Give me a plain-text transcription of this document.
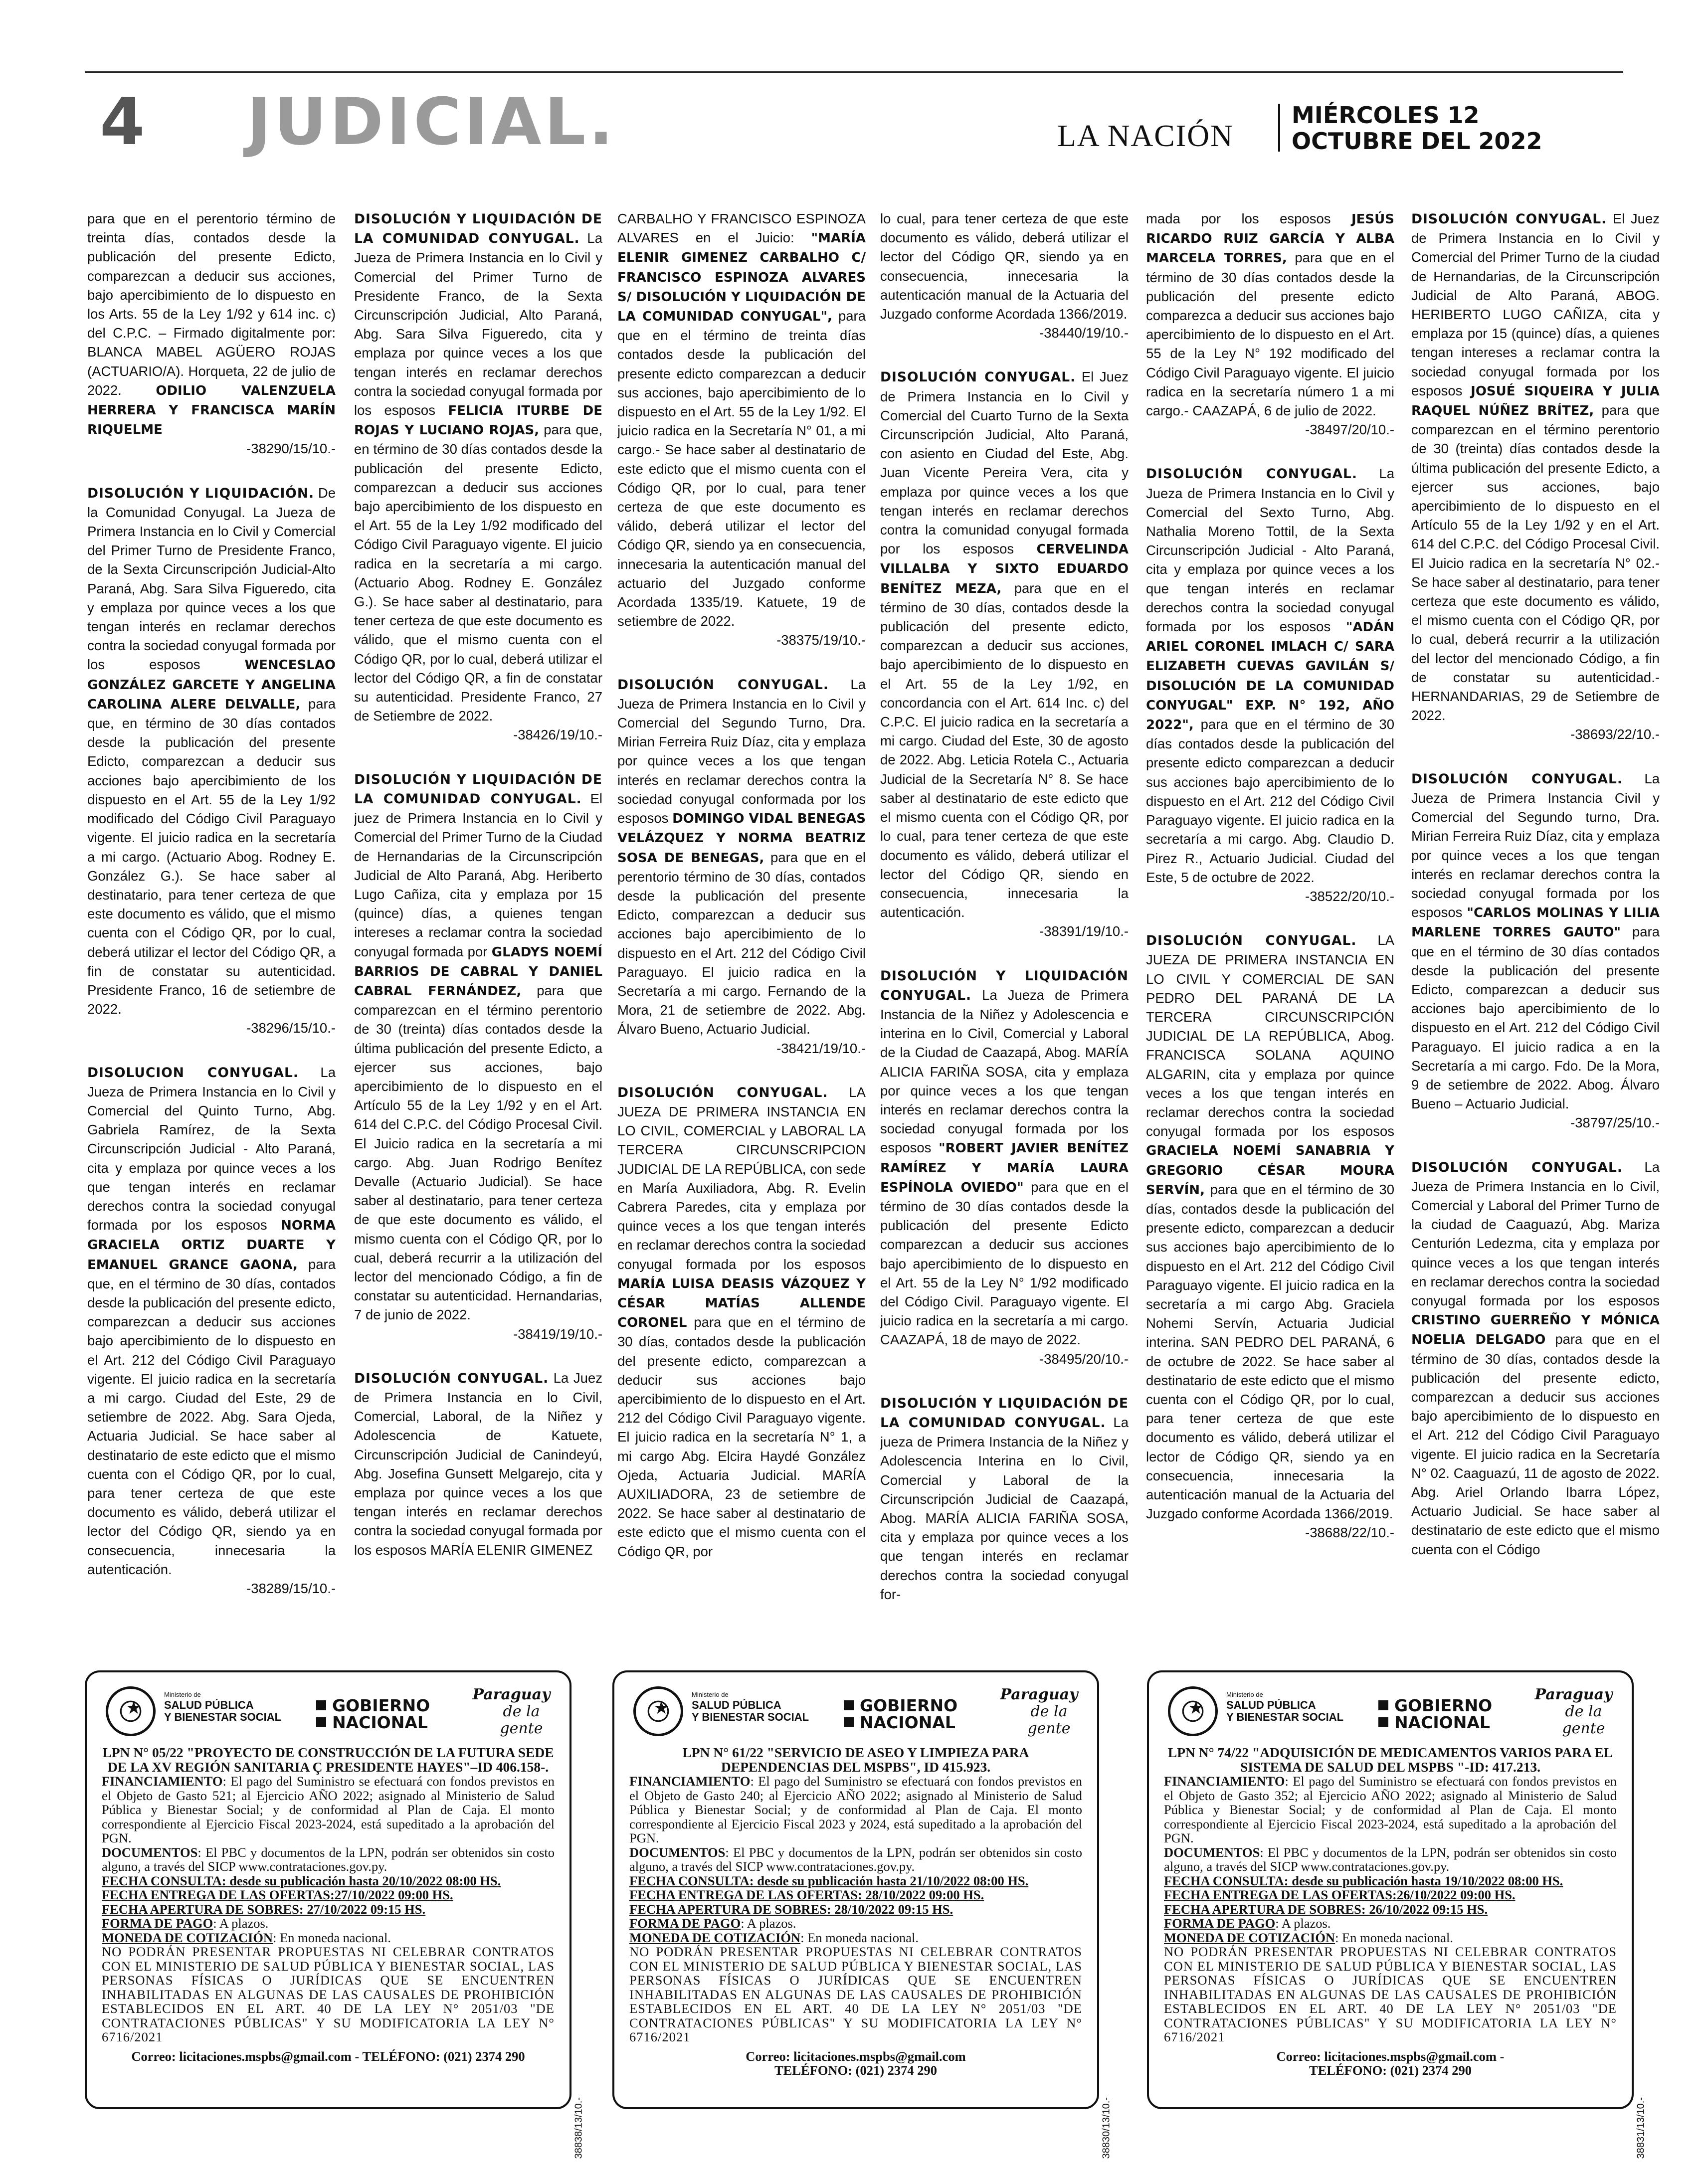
4 JUDICIAL.	LA NACIÓN
MIÉRCOLES 12
OCTUBRE DEL 2022
para que en el perentorio término de treinta días, contados desde la publicación del presente Edicto, comparezcan a deducir sus acciones, bajo apercibimiento de lo dispuesto en los Arts. 55 de la Ley 1/92 y 614 inc. c) del C.P.C. – Firmado digitalmente por: BLANCA MABEL AGÜERO ROJAS (ACTUARIO/A). Horqueta, 22 de julio de 2022.	ODILIO VALENZUELA HERRERA Y FRANCISCA MARÍN RIQUELME
-38290/15/10.-
DISOLUCIÓN Y LIQUIDACIÓN. De la Comunidad Conyugal. La Jueza de Primera Instancia en lo Civil y Comercial del Primer Turno de Presidente Franco, de la Sexta Circunscripción Judicial-Alto Paraná, Abg. Sara Silva Figueredo, cita y emplaza por quince veces a los que tengan interés en reclamar derechos contra la sociedad conyugal formada por los esposos	WENCESLAO GONZÁLEZ GARCETE Y ANGELINA CAROLINA ALERE DELVALLE, para que, en término de 30 días contados desde la publicación del presente Edicto, comparezcan a deducir sus acciones bajo apercibimiento de los dispuesto en el Art. 55 de la Ley 1/92 modificado del Código Civil Paraguayo vigente. El juicio radica en la secretaría a mi cargo. (Actuario Abog. Rodney E. González G.). Se hace saber al destinatario, para tener certeza de que este documento es válido, que el mismo cuenta con el Código QR, por lo cual, deberá utilizar el lector del Código QR, a fin de constatar su autenticidad. Presidente Franco, 16 de setiembre de 2022.
-38296/15/10.-
DISOLUCION CONYUGAL. La Jueza de Primera Instancia en lo Civil y Comercial del Quinto Turno, Abg. Gabriela Ramírez, de la Sexta Circunscripción Judicial - Alto Paraná, cita y emplaza por quince veces a los que tengan interés en reclamar derechos contra la sociedad conyugal formada por los esposos NORMA GRACIELA ORTIZ DUARTE Y EMANUEL GRANCE GAONA, para que, en el término de 30 días, contados desde la publicación del presente edicto, comparezcan a deducir sus acciones bajo apercibimiento de lo dispuesto en el Art. 212 del Código Civil Paraguayo vigente. El juicio radica en la secretaría a mi cargo. Ciudad del Este, 29 de setiembre de 2022. Abg. Sara Ojeda, Actuaria Judicial. Se hace saber al destinatario de este edicto que el mismo cuenta con el Código QR, por lo cual, para tener certeza de que este documento es válido, deberá utilizar el lector del Código QR, siendo ya en consecuencia, innecesaria la autenticación.
-38289/15/10.-
DISOLUCIÓN Y LIQUIDACIÓN DE LA COMUNIDAD CONYUGAL. La Jueza de Primera Instancia en lo Civil y Comercial del Primer Turno de Presidente Franco, de la Sexta Circunscripción Judicial, Alto Paraná, Abg. Sara Silva Figueredo, cita y emplaza por quince veces a los que tengan interés en reclamar derechos contra la sociedad conyugal formada por los esposos FELICIA ITURBE DE ROJAS Y LUCIANO ROJAS, para que, en término de 30 días contados desde la publicación del presente Edicto, comparezcan a deducir sus acciones bajo apercibimiento de los dispuesto en el Art. 55 de la Ley 1/92 modificado del Código Civil Paraguayo vigente. El juicio radica en la secretaría a mi cargo. (Actuario Abog. Rodney E. González G.). Se hace saber al destinatario, para tener certeza de que este documento es válido, que el mismo cuenta con el Código QR, por lo cual, deberá utilizar el lector del Código QR, a fin de constatar su autenticidad. Presidente Franco, 27 de Setiembre de 2022.
-38426/19/10.-
DISOLUCIÓN Y LIQUIDACIÓN DE LA COMUNIDAD CONYUGAL. El juez de Primera Instancia en lo Civil y Comercial del Primer Turno de la Ciudad de Hernandarias de la Circunscripción Judicial de Alto Paraná, Abg. Heriberto Lugo Cañiza, cita y emplaza por 15 (quince) días, a quienes tengan intereses a reclamar contra la sociedad conyugal formada por GLADYS NOEMÍ BARRIOS DE CABRAL Y DANIEL CABRAL FERNÁNDEZ, para que comparezcan en el término perentorio de 30 (treinta) días contados desde la última publicación del presente Edicto, a ejercer sus acciones, bajo apercibimiento de lo dispuesto en el Artículo 55 de la Ley 1/92 y en el Art. 614 del C.P.C. del Código Procesal Civil. El Juicio radica en la secretaría a mi cargo. Abg. Juan Rodrigo Benítez Devalle (Actuario Judicial). Se hace saber al destinatario, para tener certeza de que este documento es válido, el mismo cuenta con el Código QR, por lo cual, deberá recurrir a la utilización del lector del mencionado Código, a fin de constatar su autenticidad. Hernandarias, 7 de junio de 2022.
-38419/19/10.-
DISOLUCIÓN CONYUGAL. La Juez de Primera Instancia en lo Civil, Comercial, Laboral, de la Niñez y Adolescencia de Katuete, Circunscripción Judicial de Canindeyú, Abg. Josefina Gunsett Melgarejo, cita y emplaza por quince veces a los que tengan interés en reclamar derechos contra la sociedad conyugal formada por los esposos MARÍA ELENIR GIMENEZ
CARBALHO Y FRANCISCO ESPINOZA ALVARES en el Juicio: "MARÍA ELENIR GIMENEZ CARBALHO C/ FRANCISCO ESPINOZA ALVARES S/ DISOLUCIÓN Y LIQUIDACIÓN DE LA COMUNIDAD CONYUGAL", para que en el término de treinta días contados desde la publicación del presente edicto comparezcan a deducir sus acciones, bajo apercibimiento de lo dispuesto en el Art. 55 de la Ley 1/92. El juicio radica en la Secretaría N° 01, a mi cargo.- Se hace saber al destinatario de este edicto que el mismo cuenta con el Código QR, por lo cual, para tener certeza de que este documento es válido, deberá utilizar el lector del Código QR, siendo ya en consecuencia, innecesaria la autenticación manual del actuario del Juzgado conforme Acordada 1335/19. Katuete, 19 de setiembre de 2022.
-38375/19/10.-
DISOLUCIÓN CONYUGAL. La Jueza de Primera Instancia en lo Civil y Comercial del Segundo Turno, Dra. Mirian Ferreira Ruiz Díaz, cita y emplaza por quince veces a los que tengan interés en reclamar derechos contra la sociedad conyugal conformada por los esposos DOMINGO VIDAL BENEGAS VELÁZQUEZ Y NORMA BEATRIZ SOSA DE BENEGAS, para que en el perentorio término de 30 días, contados desde la publicación del presente Edicto, comparezcan a deducir sus acciones bajo apercibimiento de lo dispuesto en el Art. 212 del Código Civil Paraguayo. El juicio radica en la Secretaría a mi cargo. Fernando de la Mora, 21 de setiembre de 2022. Abg. Álvaro Bueno, Actuario Judicial.
-38421/19/10.-
DISOLUCIÓN CONYUGAL. LA JUEZA DE PRIMERA INSTANCIA EN LO CIVIL, COMERCIAL y LABORAL LA TERCERA CIRCUNSCRIPCION JUDICIAL DE LA REPÚBLICA, con sede en María Auxiliadora, Abg. R. Evelin Cabrera Paredes, cita y emplaza por quince veces a los que tengan interés en reclamar derechos contra la sociedad conyugal formada por los esposos MARÍA LUISA DEASIS VÁZQUEZ Y CÉSAR MATÍAS ALLENDE CORONEL para que en el término de 30 días, contados desde la publicación del presente edicto, comparezcan a deducir sus acciones bajo apercibimiento de lo dispuesto en el Art. 212 del Código Civil Paraguayo vigente. El juicio radica en la secretaría N° 1, a mi cargo Abg. Elcira Haydé González Ojeda, Actuaria Judicial. MARÍA AUXILIADORA, 23 de setiembre de 2022. Se hace saber al destinatario de este edicto que el mismo cuenta con el Código QR, por
lo cual, para tener certeza de que este documento es válido, deberá utilizar el lector del Código QR, siendo ya en consecuencia, innecesaria la autenticación manual de la Actuaria del Juzgado conforme Acordada 1366/2019.
-38440/19/10.-
DISOLUCIÓN CONYUGAL. El Juez de Primera Instancia en lo Civil y Comercial del Cuarto Turno de la Sexta Circunscripción Judicial, Alto Paraná, con asiento en Ciudad del Este, Abg. Juan Vicente Pereira Vera, cita y emplaza por quince veces a los que tengan interés en reclamar derechos contra la comunidad conyugal formada por los esposos CERVELINDA VILLALBA Y SIXTO EDUARDO BENÍTEZ MEZA, para que en el término de 30 días, contados desde la publicación del presente edicto, comparezcan a deducir sus acciones, bajo apercibimiento de lo dispuesto en el Art. 55 de la Ley 1/92, en concordancia con el Art. 614 Inc. c) del C.P.C. El juicio radica en la secretaría a mi cargo. Ciudad del Este, 30 de agosto de 2022. Abg. Leticia Rotela C., Actuaria Judicial de la Secretaría N° 8. Se hace saber al destinatario de este edicto que el mismo cuenta con el Código QR, por lo cual, para tener certeza de que este documento es válido, deberá utilizar el lector del Código QR, siendo en consecuencia, innecesaria la autenticación.
-38391/19/10.-
DISOLUCIÓN Y LIQUIDACIÓN CONYUGAL. La Jueza de Primera Instancia de la Niñez y Adolescencia e interina en lo Civil, Comercial y Laboral de la Ciudad de Caazapá, Abog. MARÍA ALICIA FARIÑA SOSA, cita y emplaza por quince veces a los que tengan interés en reclamar derechos contra la sociedad conyugal formada por los esposos "ROBERT JAVIER BENÍTEZ RAMÍREZ Y MARÍA LAURA ESPÍNOLA OVIEDO" para que en el término de 30 días contados desde la publicación del presente Edicto comparezcan a deducir sus acciones bajo apercibimiento de lo dispuesto en el Art. 55 de la Ley N° 1/92 modificado del Código Civil. Paraguayo vigente. El juicio radica en la secretaría a mi cargo. CAAZAPÁ, 18 de mayo de 2022.
-38495/20/10.-
DISOLUCIÓN Y LIQUIDACIÓN DE LA COMUNIDAD CONYUGAL. La jueza de Primera Instancia de la Niñez y Adolescencia Interina en lo Civil, Comercial y Laboral de la Circunscripción Judicial de Caazapá, Abog. MARÍA ALICIA FARIÑA SOSA, cita y emplaza por quince veces a los que tengan interés en reclamar derechos contra la sociedad conyugal for-
mada por los esposos JESÚS RICARDO RUIZ GARCÍA Y ALBA MARCELA TORRES, para que en el término de 30 días contados desde la publicación del presente edicto comparezca a deducir sus acciones bajo apercibimiento de lo dispuesto en el Art. 55 de la Ley N° 192 modificado del Código Civil Paraguayo vigente. El juicio radica en la secretaría número 1 a mi cargo.- CAAZAPÁ, 6 de julio de 2022.
-38497/20/10.-
DISOLUCIÓN CONYUGAL. La Jueza de Primera Instancia en lo Civil y Comercial del Sexto Turno, Abg. Nathalia Moreno Tottil, de la Sexta Circunscripción Judicial - Alto Paraná, cita y emplaza por quince veces a los que tengan interés en reclamar derechos contra la sociedad conyugal formada por los esposos "ADÁN ARIEL CORONEL IMLACH C/ SARA ELIZABETH CUEVAS GAVILÁN S/ DISOLUCIÓN DE LA COMUNIDAD CONYUGAL" EXP. N° 192, AÑO 2022", para que en el término de 30 días contados desde la publicación del presente edicto comparezcan a deducir sus acciones bajo apercibimiento de lo dispuesto en el Art. 212 del Código Civil Paraguayo vigente. El juicio radica en la secretaría a mi cargo. Abg. Claudio D. Pirez R., Actuario Judicial. Ciudad del Este, 5 de octubre de 2022.
-38522/20/10.-
DISOLUCIÓN CONYUGAL. LA JUEZA DE PRIMERA INSTANCIA EN LO CIVIL Y COMERCIAL DE SAN PEDRO DEL PARANÁ DE LA TERCERA CIRCUNSCRIPCIÓN JUDICIAL DE LA REPÚBLICA, Abog. FRANCISCA SOLANA AQUINO ALGARIN, cita y emplaza por quince veces a los que tengan interés en reclamar derechos contra la sociedad conyugal formada por los esposos GRACIELA NOEMÍ SANABRIA Y GREGORIO CÉSAR MOURA SERVÍN, para que en el término de 30 días, contados desde la publicación del presente edicto, comparezcan a deducir sus acciones bajo apercibimiento de lo dispuesto en el Art. 212 del Código Civil Paraguayo vigente. El juicio radica en la secretaría a mi cargo Abg. Graciela Nohemi Servín, Actuaria Judicial interina. SAN PEDRO DEL PARANÁ, 6 de octubre de 2022. Se hace saber al destinatario de este edicto que el mismo cuenta con el Código QR, por lo cual, para tener certeza de que este documento es válido, deberá utilizar el lector de Código QR, siendo ya en consecuencia, innecesaria la autenticación manual de la Actuaria del Juzgado conforme Acordada 1366/2019.
-38688/22/10.-
DISOLUCIÓN CONYUGAL. El Juez de Primera Instancia en lo Civil y Comercial del Primer Turno de la ciudad de Hernandarias, de la Circunscripción Judicial de Alto Paraná, ABOG. HERIBERTO LUGO CAÑIZA, cita y emplaza por 15 (quince) días, a quienes tengan intereses a reclamar contra la sociedad conyugal formada por los esposos JOSUÉ SIQUEIRA Y JULIA RAQUEL NÚÑEZ BRÍTEZ, para que comparezcan en el término perentorio de 30 (treinta) días contados desde la última publicación del presente Edicto, a ejercer sus acciones, bajo apercibimiento de lo dispuesto en el Artículo 55 de la Ley 1/92 y en el Art. 614 del C.P.C. del Código Procesal Civil. El Juicio radica en la secretaría N° 02.- Se hace saber al destinatario, para tener certeza que este documento es válido, el mismo cuenta con el Código QR, por lo cual, deberá recurrir a la utilización del lector del mencionado Código, a fin de constatar su autenticidad.- HERNANDARIAS, 29 de Setiembre de 2022.
-38693/22/10.-
DISOLUCIÓN CONYUGAL. La Jueza de Primera Instancia Civil y Comercial del Segundo turno, Dra. Mirian Ferreira Ruiz Díaz, cita y emplaza por quince veces a los que tengan interés en reclamar derechos contra la sociedad conyugal formada por los esposos "CARLOS MOLINAS Y LILIA MARLENE TORRES GAUTO" para que en el término de 30 días contados desde la publicación del presente Edicto, comparezcan a deducir sus acciones bajo apercibimiento de lo dispuesto en el Art. 212 del Código Civil Paraguayo. El juicio radica a en la Secretaría a mi cargo. Fdo. De la Mora, 9 de setiembre de 2022. Abog. Álvaro Bueno – Actuario Judicial.
-38797/25/10.-
DISOLUCIÓN CONYUGAL. La Jueza de Primera Instancia en lo Civil, Comercial y Laboral del Primer Turno de la ciudad de Caaguazú, Abg. Mariza Centurión Ledezma, cita y emplaza por quince veces a los que tengan interés en reclamar derechos contra la sociedad conyugal formada por los esposos CRISTINO GUERREÑO Y MÓNICA NOELIA DELGADO para que en el término de 30 días, contados desde la publicación del presente edicto, comparezcan a deducir sus acciones bajo apercibimiento de lo dispuesto en el Art. 212 del Código Civil Paraguayo vigente. El juicio radica en la Secretaría N° 02. Caaguazú, 11 de agosto de 2022. Abg. Ariel Orlando Ibarra López, Actuario Judicial. Se hace saber al destinatario de este edicto que el mismo cuenta con el Código
★
Ministerio de
SALUD PÚBLICA
Y BIENESTAR SOCIAL
GOBIERNO
NACIONAL
Paraguay
de la gente
LPN N° 05/22 "PROYECTO DE CONSTRUCCIÓN DE LA FUTURA SEDE DE LA XV REGIÓN SANITARIA Ç PRESIDENTE HAYES"–ID 406.158-.

FINANCIAMIENTO: El pago del Suministro se efectuará con fondos previstos en el Objeto de Gasto 521; al Ejercicio AÑO 2022; asignado al Ministerio de Salud Pública y Bienestar Social; y de conformidad al Plan de Caja. El monto correspondiente al Ejercicio Fiscal 2023-2024, está supeditado a la aprobación del PGN.

DOCUMENTOS: El PBC y documentos de la LPN, podrán ser obtenidos sin costo alguno, a través del SICP www.contrataciones.gov.py.

FECHA CONSULTA: desde su publicación hasta 20/10/2022 08:00 HS.

FECHA ENTREGA DE LAS OFERTAS:27/10/2022 09:00 HS.

FECHA APERTURA DE SOBRES: 27/10/2022 09:15 HS.

FORMA DE PAGO: A plazos.

MONEDA DE COTIZACIÓN: En moneda nacional.

NO PODRÁN PRESENTAR PROPUESTAS NI CELEBRAR CONTRATOS CON EL MINISTERIO DE SALUD PÚBLICA Y BIENESTAR SOCIAL, LAS PERSONAS FÍSICAS O JURÍDICAS QUE SE ENCUENTREN INHABILITADAS EN ALGUNAS DE LAS CAUSALES DE PROHIBICIÓN ESTABLECIDOS EN EL ART. 40 DE LA LEY N° 2051/03 "DE CONTRATACIONES PÚBLICAS" Y SU MODIFICATORIA LA LEY N° 6716/2021

Correo: licitaciones.mspbs@gmail.com - TELÉFONO: (021) 2374 290
38838/13/10.-
★
Ministerio de
SALUD PÚBLICA
Y BIENESTAR SOCIAL
GOBIERNO
NACIONAL
Paraguay
de la gente
LPN N° 61/22 "SERVICIO DE ASEO Y LIMPIEZA PARA DEPENDENCIAS DEL MSPBS", ID 415.923.

FINANCIAMIENTO: El pago del Suministro se efectuará con fondos previstos en el Objeto de Gasto 240; al Ejercicio AÑO 2022; asignado al Ministerio de Salud Pública y Bienestar Social; y de conformidad al Plan de Caja. El monto correspondiente al Ejercicio Fiscal 2023 y 2024, está supeditado a la aprobación del PGN.

DOCUMENTOS: El PBC y documentos de la LPN, podrán ser obtenidos sin costo alguno, a través del SICP www.contrataciones.gov.py.

FECHA CONSULTA: desde su publicación hasta 21/10/2022 08:00 HS.

FECHA ENTREGA DE LAS OFERTAS: 28/10/2022 09:00 HS.

FECHA APERTURA DE SOBRES: 28/10/2022 09:15 HS.

FORMA DE PAGO: A plazos.

MONEDA DE COTIZACIÓN: En moneda nacional.

NO PODRÁN PRESENTAR PROPUESTAS NI CELEBRAR CONTRATOS CON EL MINISTERIO DE SALUD PÚBLICA Y BIENESTAR SOCIAL, LAS PERSONAS FÍSICAS O JURÍDICAS QUE SE ENCUENTREN INHABILITADAS EN ALGUNAS DE LAS CAUSALES DE PROHIBICIÓN ESTABLECIDOS EN EL ART. 40 DE LA LEY N° 2051/03 "DE CONTRATACIONES PÚBLICAS" Y SU MODIFICATORIA LA LEY N° 6716/2021

Correo: licitaciones.mspbs@gmail.com
TELÉFONO: (021) 2374 290
38830/13/10.-
★
Ministerio de
SALUD PÚBLICA
Y BIENESTAR SOCIAL
GOBIERNO
NACIONAL
Paraguay
de la gente
LPN N° 74/22 "ADQUISICIÓN DE MEDICAMENTOS VARIOS PARA EL SISTEMA DE SALUD DEL MSPBS "-ID: 417.213.

FINANCIAMIENTO: El pago del Suministro se efectuará con fondos previstos en el Objeto de Gasto 352; al Ejercicio AÑO 2022; asignado al Ministerio de Salud Pública y Bienestar Social; y de conformidad al Plan de Caja. El monto correspondiente al Ejercicio Fiscal 2023-2024, está supeditado a la aprobación del PGN.

DOCUMENTOS: El PBC y documentos de la LPN, podrán ser obtenidos sin costo alguno, a través del SICP www.contrataciones.gov.py.

FECHA CONSULTA: desde su publicación hasta 19/10/2022 08:00 HS.

FECHA ENTREGA DE LAS OFERTAS:26/10/2022 09:00 HS.

FECHA APERTURA DE SOBRES: 26/10/2022 09:15 HS.

FORMA DE PAGO: A plazos.

MONEDA DE COTIZACIÓN: En moneda nacional.

NO PODRÁN PRESENTAR PROPUESTAS NI CELEBRAR CONTRATOS CON EL MINISTERIO DE SALUD PÚBLICA Y BIENESTAR SOCIAL, LAS PERSONAS FÍSICAS O JURÍDICAS QUE SE ENCUENTREN INHABILITADAS EN ALGUNAS DE LAS CAUSALES DE PROHIBICIÓN ESTABLECIDOS EN EL ART. 40 DE LA LEY N° 2051/03 "DE CONTRATACIONES PÚBLICAS" Y SU MODIFICATORIA LA LEY N° 6716/2021

Correo: licitaciones.mspbs@gmail.com -
TELÉFONO: (021) 2374 290
38831/13/10.-
